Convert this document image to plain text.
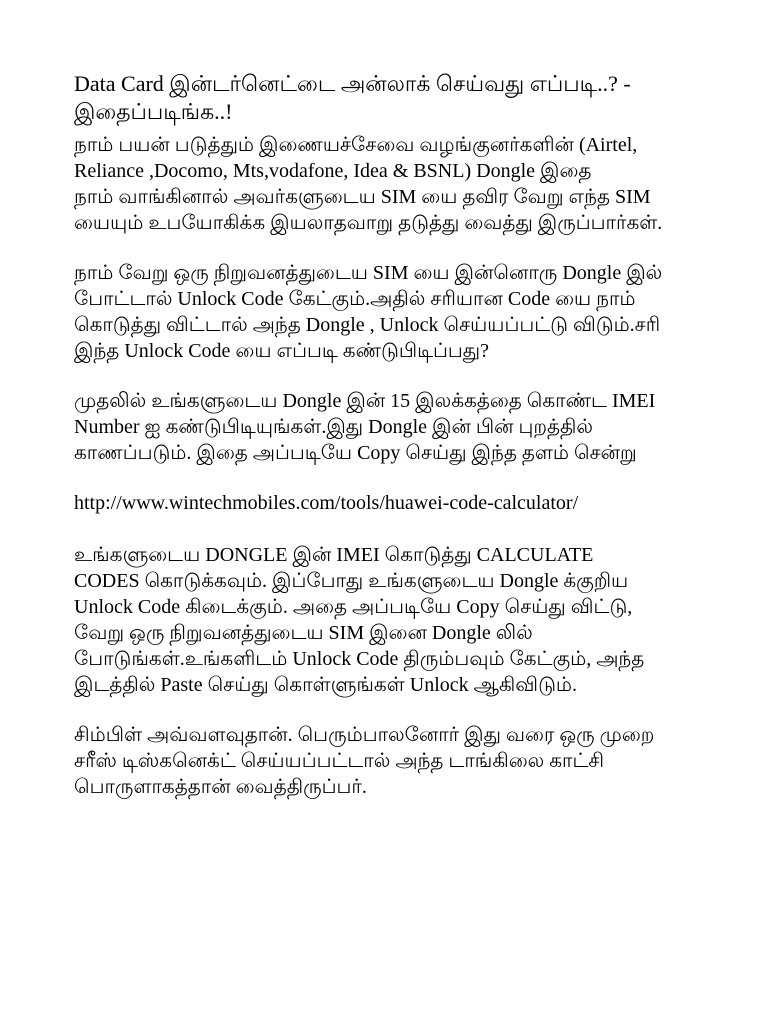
Data Card இன்டர்னெட்டை அன்லாக் செய்வது எப்படி..? -
இதைப்படிங்க..!
நாம் பயன் படுத்தும் இணையச்சேவை வழங்குனர்களின் (Airtel,
Reliance ,Docomo, Mts,vodafone, Idea & BSNL) Dongle இதை
நாம் வாங்கினால் அவர்களுடைய SIM யை தவிர வேறு எந்த SIM
யையும் உபயோகிக்க இயலாதவாறு தடுத்து வைத்து இருப்பார்கள்.
நாம் வேறு ஒரு நிறுவனத்துடைய SIM யை இன்னொரு Dongle இல்
போட்டால் Unlock Code கேட்கும்.அதில் சரியான Code யை நாம்
கொடுத்து விட்டால் அந்த Dongle , Unlock செய்யப்பட்டு விடும்.சரி
இந்த Unlock Code யை எப்படி கண்டுபிடிப்பது?
முதலில் உங்களுடைய Dongle இன் 15 இலக்கத்தை கொண்ட IMEI
Number ஐ கண்டுபிடியுங்கள்.இது Dongle இன் பின் புறத்தில்
காணப்படும். இதை அப்படியே Copy செய்து இந்த தளம் சென்று
http://www.wintechmobiles.com/tools/huawei-code-calculator/
உங்களுடைய DONGLE இன் IMEI கொடுத்து CALCULATE
CODES கொடுக்கவும். இப்போது உங்களுடைய Dongle க்குறிய
Unlock Code கிடைக்கும். அதை அப்படியே Copy செய்து விட்டு,
வேறு ஒரு நிறுவனத்துடைய SIM இனை Dongle லில்
போடுங்கள்.உங்களிடம் Unlock Code திரும்பவும் கேட்கும், அந்த
இடத்தில் Paste செய்து கொள்ளுங்கள் Unlock ஆகிவிடும்.
சிம்பிள் அவ்வளவுதான். பெரும்பாலனோர் இது வரை ஒரு முறை
சரீஸ் டிஸ்கனெக்ட் செய்யப்பட்டால் அந்த டாங்கிலை காட்சி
பொருளாகத்தான் வைத்திருப்பர்.
